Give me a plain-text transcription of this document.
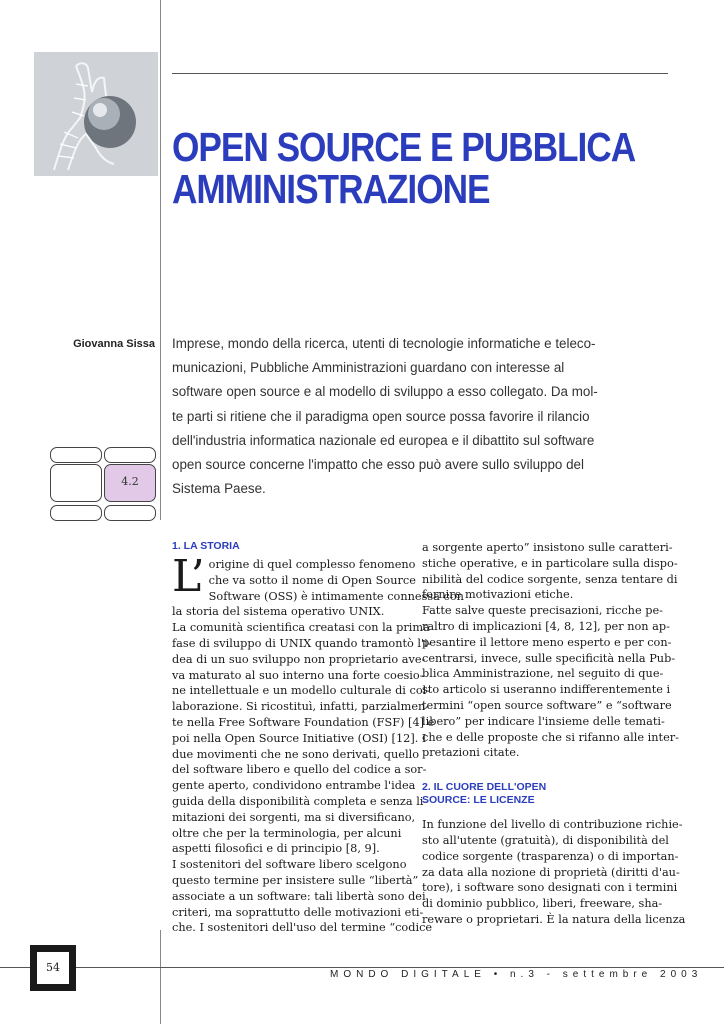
OPEN SOURCE E PUBBLICA
AMMINISTRAZIONE
Giovanna Sissa Imprese, mondo della ricerca, utenti di tecnologie informatiche e teleco-
municazioni, Pubbliche Amministrazioni guardano con interesse al
software open source e al modello di sviluppo a esso collegato. Da mol-
te parti si ritiene che il paradigma open source possa favorire il rilancio
dell'industria informatica nazionale ed europea e il dibattito sul software
open source concerne l'impatto che esso può avere sullo sviluppo del
Sistema Paese.
4.2
1. LA STORIA
L’ origine di quel complesso fenomeno
che va sotto il nome di Open Source
Software (OSS) è intimamente connessa con
la storia del sistema operativo UNIX.
La comunità scientifica creatasi con la prima
fase di sviluppo di UNIX quando tramontò l'i-
dea di un suo sviluppo non proprietario ave-
va maturato al suo interno una forte coesio-
ne intellettuale e un modello culturale di col-
laborazione. Si ricostituì, infatti, parzialmen-
te nella Free Software Foundation (FSF) [4] e
poi nella Open Source Initiative (OSI) [12]. I
due movimenti che ne sono derivati, quello
del software libero e quello del codice a sor-
gente aperto, condividono entrambe l'idea
guida della disponibilità completa e senza li-
mitazioni dei sorgenti, ma si diversificano,
oltre che per la terminologia, per alcuni
aspetti filosofici e di principio [8, 9].
I sostenitori del software libero scelgono
questo termine per insistere sulle “libertà”
associate a un software: tali libertà sono dei
criteri, ma soprattutto delle motivazioni eti-
che. I sostenitori dell'uso del termine “codice
a sorgente aperto” insistono sulle caratteri-
stiche operative, e in particolare sulla dispo-
nibilità del codice sorgente, senza tentare di
fornire motivazioni etiche.
Fatte salve queste precisazioni, ricche pe-
raltro di implicazioni [4, 8, 12], per non ap-
pesantire il lettore meno esperto e per con-
centrarsi, invece, sulle specificità nella Pub-
blica Amministrazione, nel seguito di que-
sto articolo si useranno indifferentemente i
termini “open source software” e “software
libero” per indicare l'insieme delle temati-
che e delle proposte che si rifanno alle inter-
pretazioni citate.
2. IL CUORE DELL'OPEN
SOURCE: LE LICENZE
In funzione del livello di contribuzione richie-
sto all'utente (gratuità), di disponibilità del
codice sorgente (trasparenza) o di importan-
za data alla nozione di proprietà (diritti d'au-
tore), i software sono designati con i termini
di dominio pubblico, liberi, freeware, sha-
reware o proprietari. È la natura della licenza
54
MONDO DIGITALE • n.3 - settembre 2003
